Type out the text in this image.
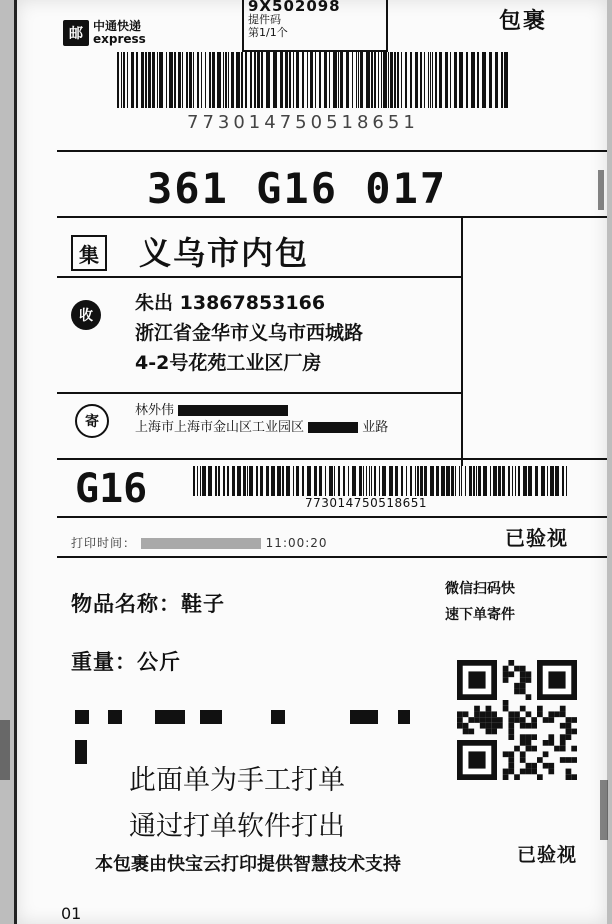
邮 中通快递
express
9X502098
提件码
第1/1个	包裹
773014750518651
361 G16 017
集 义乌市内包
收
朱出 13867853166
浙江省金华市义乌市西城路
4-2号花苑工业区厂房
寄
林外伟
上海市上海市金山区工业园区	业路
G16	773014750518651
打印时间：	11:00:20	已验视
物品名称：鞋子
重量：公斤

微信扫码快
速下单寄件
此面单为手工打单
通过打单软件打出
本包裹由快宝云打印提供智慧技术支持	已验视
01
